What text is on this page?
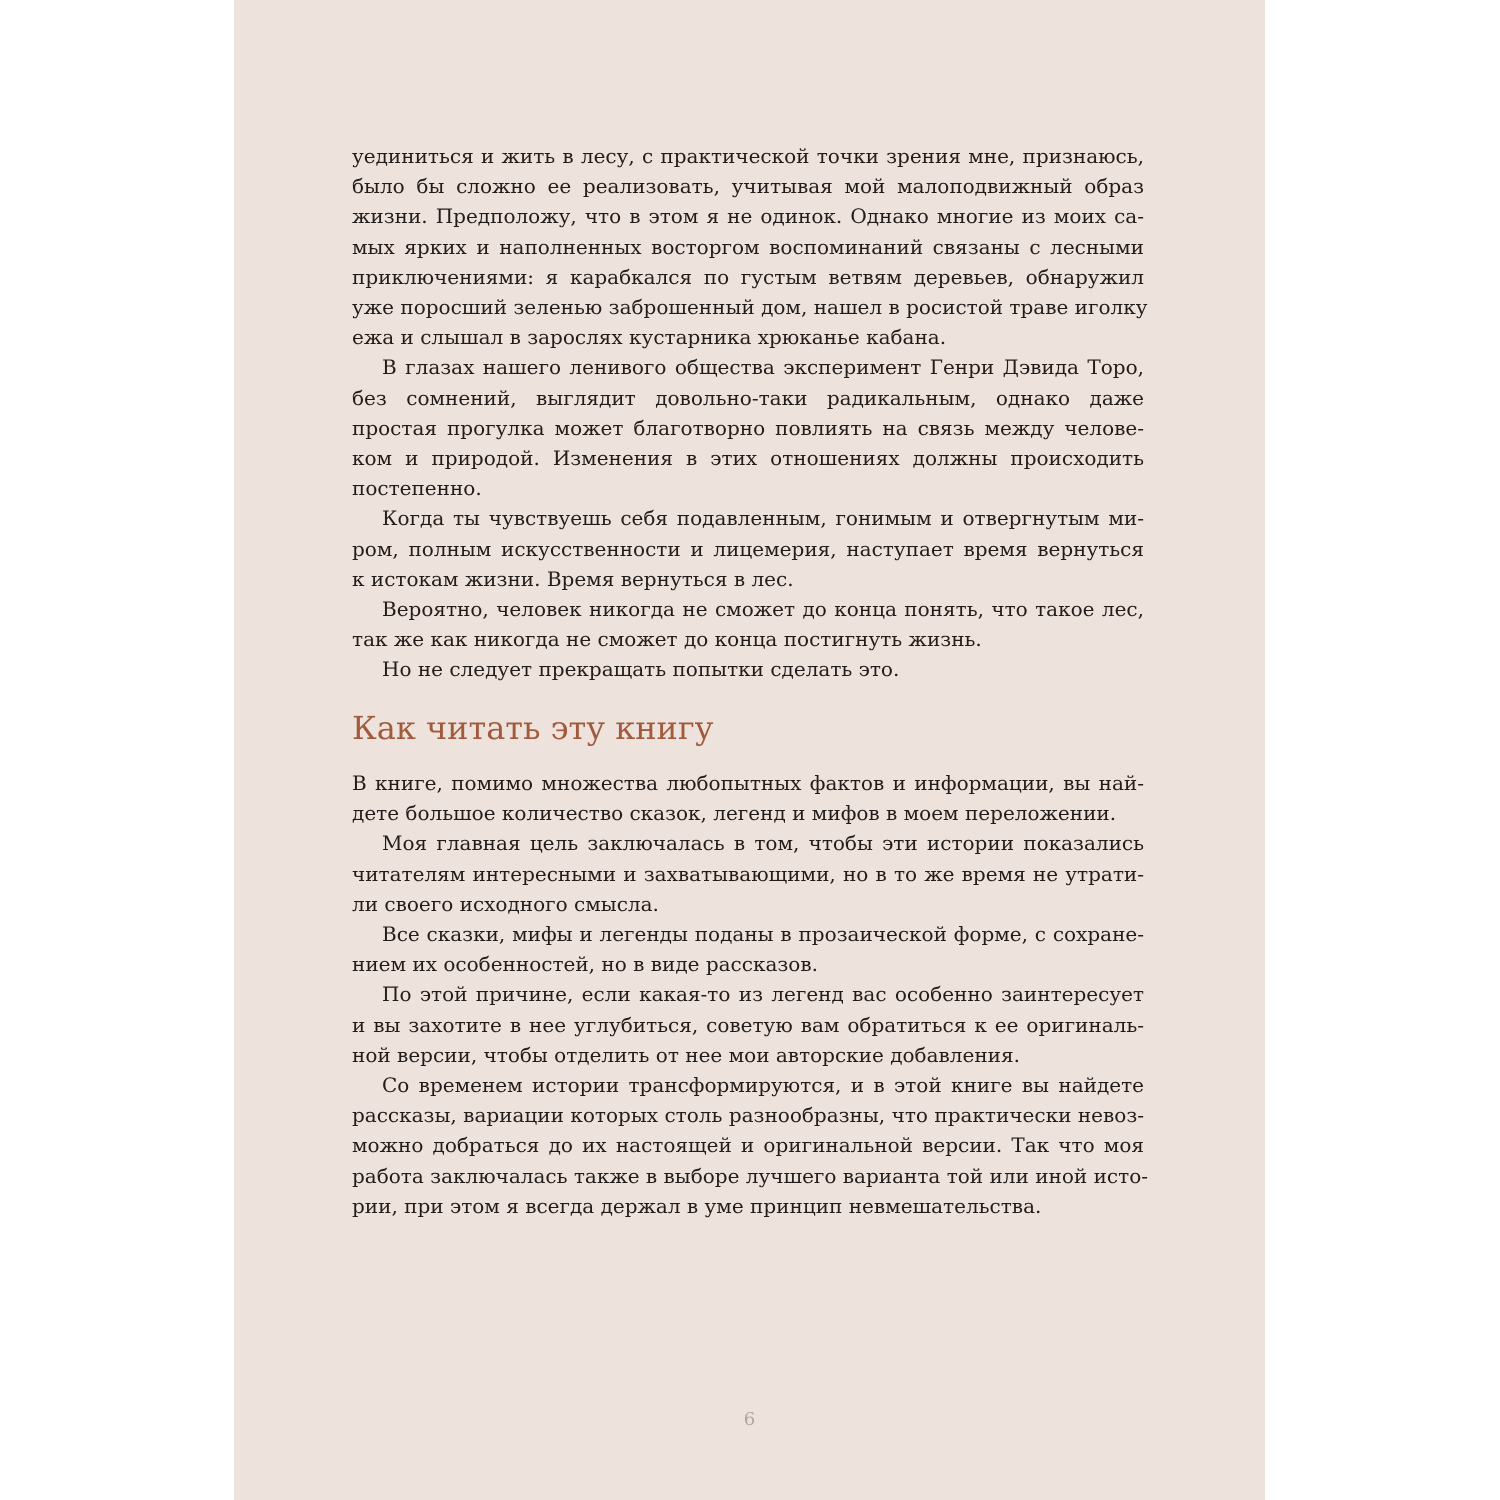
уединиться и жить в лесу, с практической точки зрения мне, признаюсь,
было бы сложно ее реализовать, учитывая мой малоподвижный образ
жизни. Предположу, что в этом я не одинок. Однако многие из моих са-
мых ярких и наполненных восторгом воспоминаний связаны с лесными
приключениями: я карабкался по густым ветвям деревьев, обнаружил
уже поросший зеленью заброшенный дом, нашел в росистой траве иголку
ежа и слышал в зарослях кустарника хрюканье кабана.

В глазах нашего ленивого общества эксперимент Генри Дэвида Торо,
без сомнений, выглядит довольно-таки радикальным, однако даже
простая прогулка может благотворно повлиять на связь между челове-
ком и природой. Изменения в этих отношениях должны происходить
постепенно.

Когда ты чувствуешь себя подавленным, гонимым и отвергнутым ми-
ром, полным искусственности и лицемерия, наступает время вернуться
к истокам жизни. Время вернуться в лес.

Вероятно, человек никогда не сможет до конца понять, что такое лес,
так же как никогда не сможет до конца постигнуть жизнь.

Но не следует прекращать попытки сделать это.

Как читать эту книгу

В книге, помимо множества любопытных фактов и информации, вы най-
дете большое количество сказок, легенд и мифов в моем переложении.

Моя главная цель заключалась в том, чтобы эти истории показались
читателям интересными и захватывающими, но в то же время не утрати-
ли своего исходного смысла.

Все сказки, мифы и легенды поданы в прозаической форме, с сохране-
нием их особенностей, но в виде рассказов.

По этой причине, если какая-то из легенд вас особенно заинтересует
и вы захотите в нее углубиться, советую вам обратиться к ее оригиналь-
ной версии, чтобы отделить от нее мои авторские добавления.

Со временем истории трансформируются, и в этой книге вы найдете
рассказы, вариации которых столь разнообразны, что практически невоз-
можно добраться до их настоящей и оригинальной версии. Так что моя
работа заключалась также в выборе лучшего варианта той или иной исто-
рии, при этом я всегда держал в уме принцип невмешательства.

6
